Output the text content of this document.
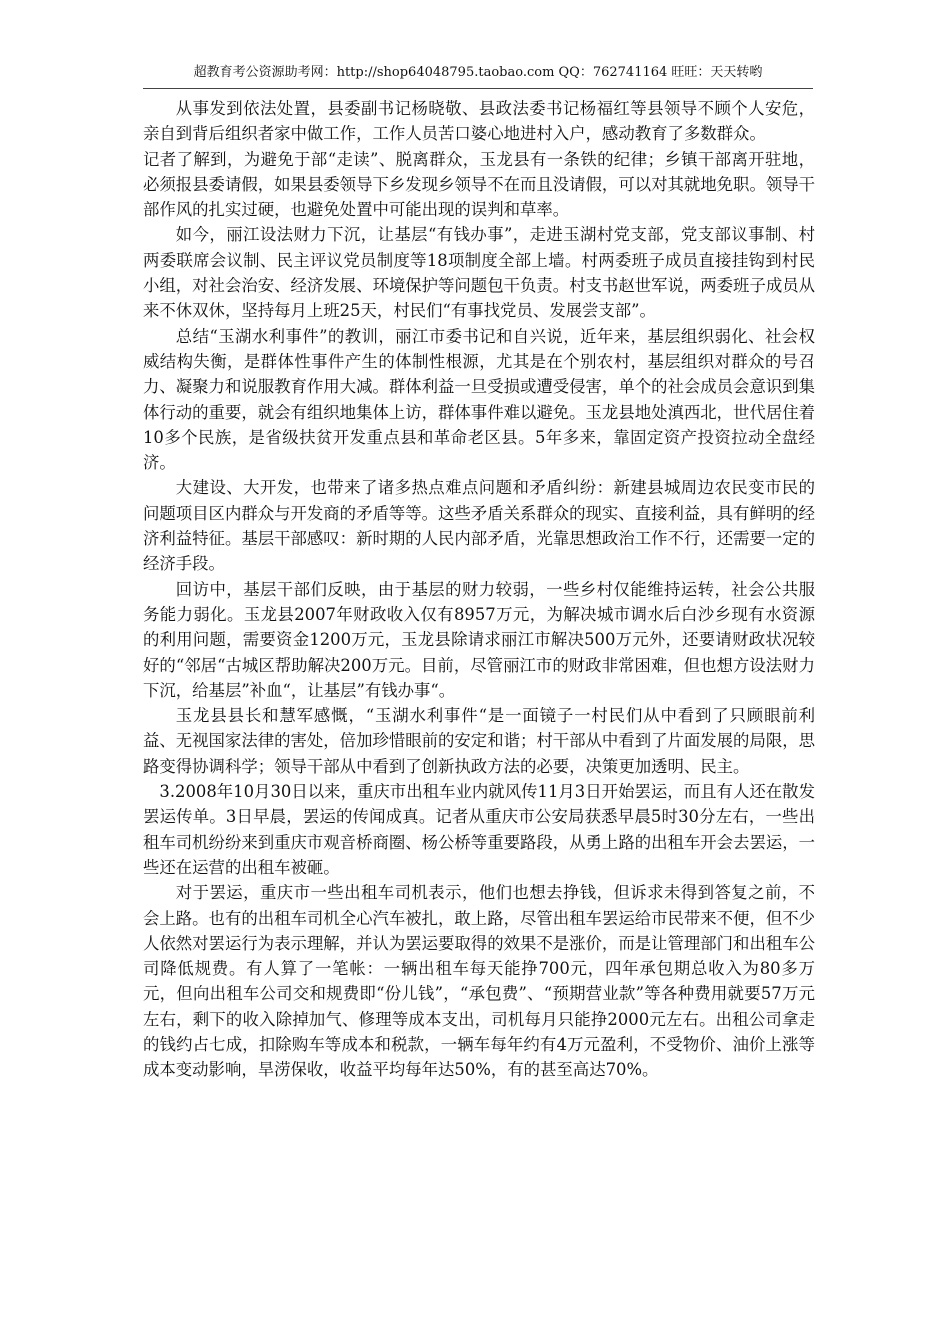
超教育考公资源助考网：http://shop64048795.taobao.com QQ：762741164 旺旺：天天转哟

从事发到依法处置，县委副书记杨晓敬、县政法委书记杨福红等县领导不顾个人安危，亲自到背后组织者家中做工作，工作人员苦口婆心地进村入户，感动教育了多数群众。

记者了解到，为避免于部“走读”、脱离群众，玉龙县有一条铁的纪律；乡镇干部离开驻地，必须报县委请假，如果县委领导下乡发现乡领导不在而且没请假，可以对其就地免职。领导干部作风的扎实过硬，也避免处置中可能出现的误判和草率。

如今，丽江设法财力下沉，让基层“有钱办事”，走进玉湖村党支部，党支部议事制、村两委联席会议制、民主评议党员制度等18项制度全部上墙。村两委班子成员直接挂钩到村民小组，对社会治安、经济发展、环境保护等问题包干负责。村支书赵世军说，两委班子成员从来不休双休，坚持每月上班25天，村民们“有事找党员、发展尝支部”。

总结“玉湖水利事件”的教训，丽江市委书记和自兴说，近年来，基层组织弱化、社会权威结构失衡，是群体性事件产生的体制性根源，尤其是在个别农村，基层组织对群众的号召力、凝聚力和说服教育作用大减。群体利益一旦受损或遭受侵害，单个的社会成员会意识到集体行动的重要，就会有组织地集体上访，群体事件难以避免。玉龙县地处滇西北，世代居住着10多个民族，是省级扶贫开发重点县和革命老区县。5年多来，靠固定资产投资拉动全盘经济。

大建设、大开发，也带来了诸多热点难点问题和矛盾纠纷：新建县城周边农民变市民的问题项目区内群众与开发商的矛盾等等。这些矛盾关系群众的现实、直接利益，具有鲜明的经济利益特征。基层干部感叹：新时期的人民内部矛盾，光靠思想政治工作不行，还需要一定的经济手段。

回访中，基层干部们反映，由于基层的财力较弱，一些乡村仅能维持运转，社会公共服务能力弱化。玉龙县2007年财政收入仅有8957万元，为解决城市调水后白沙乡现有水资源的利用问题，需要资金1200万元，玉龙县除请求丽江市解决500万元外，还要请财政状况较好的“邻居“古城区帮助解决200万元。目前，尽管丽江市的财政非常困难，但也想方设法财力下沉，给基层”补血“，让基层”有钱办事“。

玉龙县县长和慧军感慨，“玉湖水利事件“是一面镜子一村民们从中看到了只顾眼前利益、无视国家法律的害处，倍加珍惜眼前的安定和谐；村干部从中看到了片面发展的局限，思路变得协调科学；领导干部从中看到了创新执政方法的必要，决策更加透明、民主。

3.2008年10月30日以来，重庆市出租车业内就风传11月3日开始罢运，而且有人还在散发罢运传单。3日早晨，罢运的传闻成真。记者从重庆市公安局获悉早晨5时30分左右，一些出租车司机纷纷来到重庆市观音桥商圈、杨公桥等重要路段，从勇上路的出租车开会去罢运，一些还在运营的出租车被砸。

对于罢运，重庆市一些出租车司机表示，他们也想去挣钱，但诉求未得到答复之前，不会上路。也有的出租车司机全心汽车被扎，敢上路，尽管出租车罢运给市民带来不便，但不少人依然对罢运行为表示理解，并认为罢运要取得的效果不是涨价，而是让管理部门和出租车公司降低规费。有人算了一笔帐：一辆出租车每天能挣700元，四年承包期总收入为80多万元，但向出租车公司交和规费即“份儿钱”，“承包费”、“预期营业款”等各种费用就要57万元左右，剩下的收入除掉加气、修理等成本支出，司机每月只能挣2000元左右。出租公司拿走的钱约占七成，扣除购车等成本和税款，一辆车每年约有4万元盈利，不受物价、油价上涨等成本变动影响，旱涝保收，收益平均每年达50%，有的甚至高达70%。
